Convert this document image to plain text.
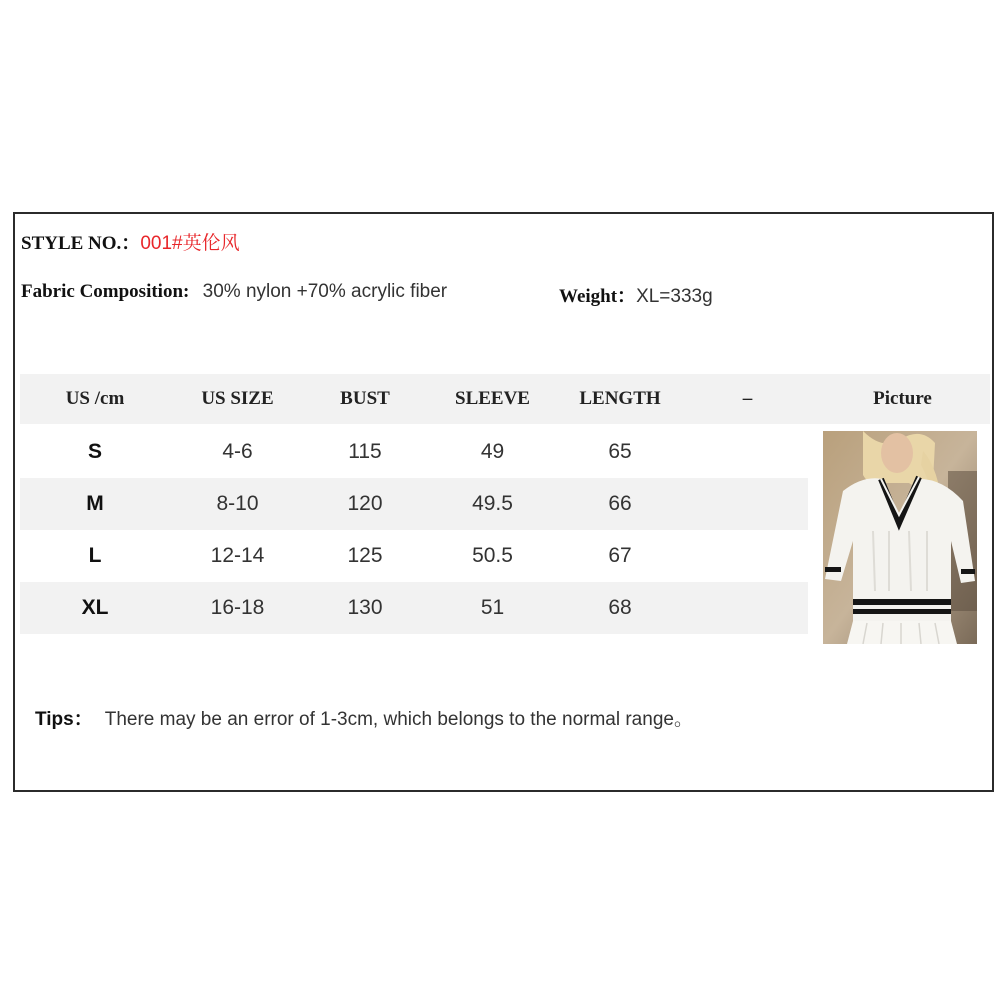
STYLE NO.：001#英伦风
Fabric Composition: 30% nylon +70% acrylic fiber	Weight：XL=333g
US /cm	US SIZE	BUST	SLEEVE	LENGTH	–	Picture
S	4-6	115	49	65
M	8-10	120	49.5	66
L	12-14	125	50.5	67
XL	16-18	130	51	68
Tips： There may be an error of 1-3cm, which belongs to the normal range。
